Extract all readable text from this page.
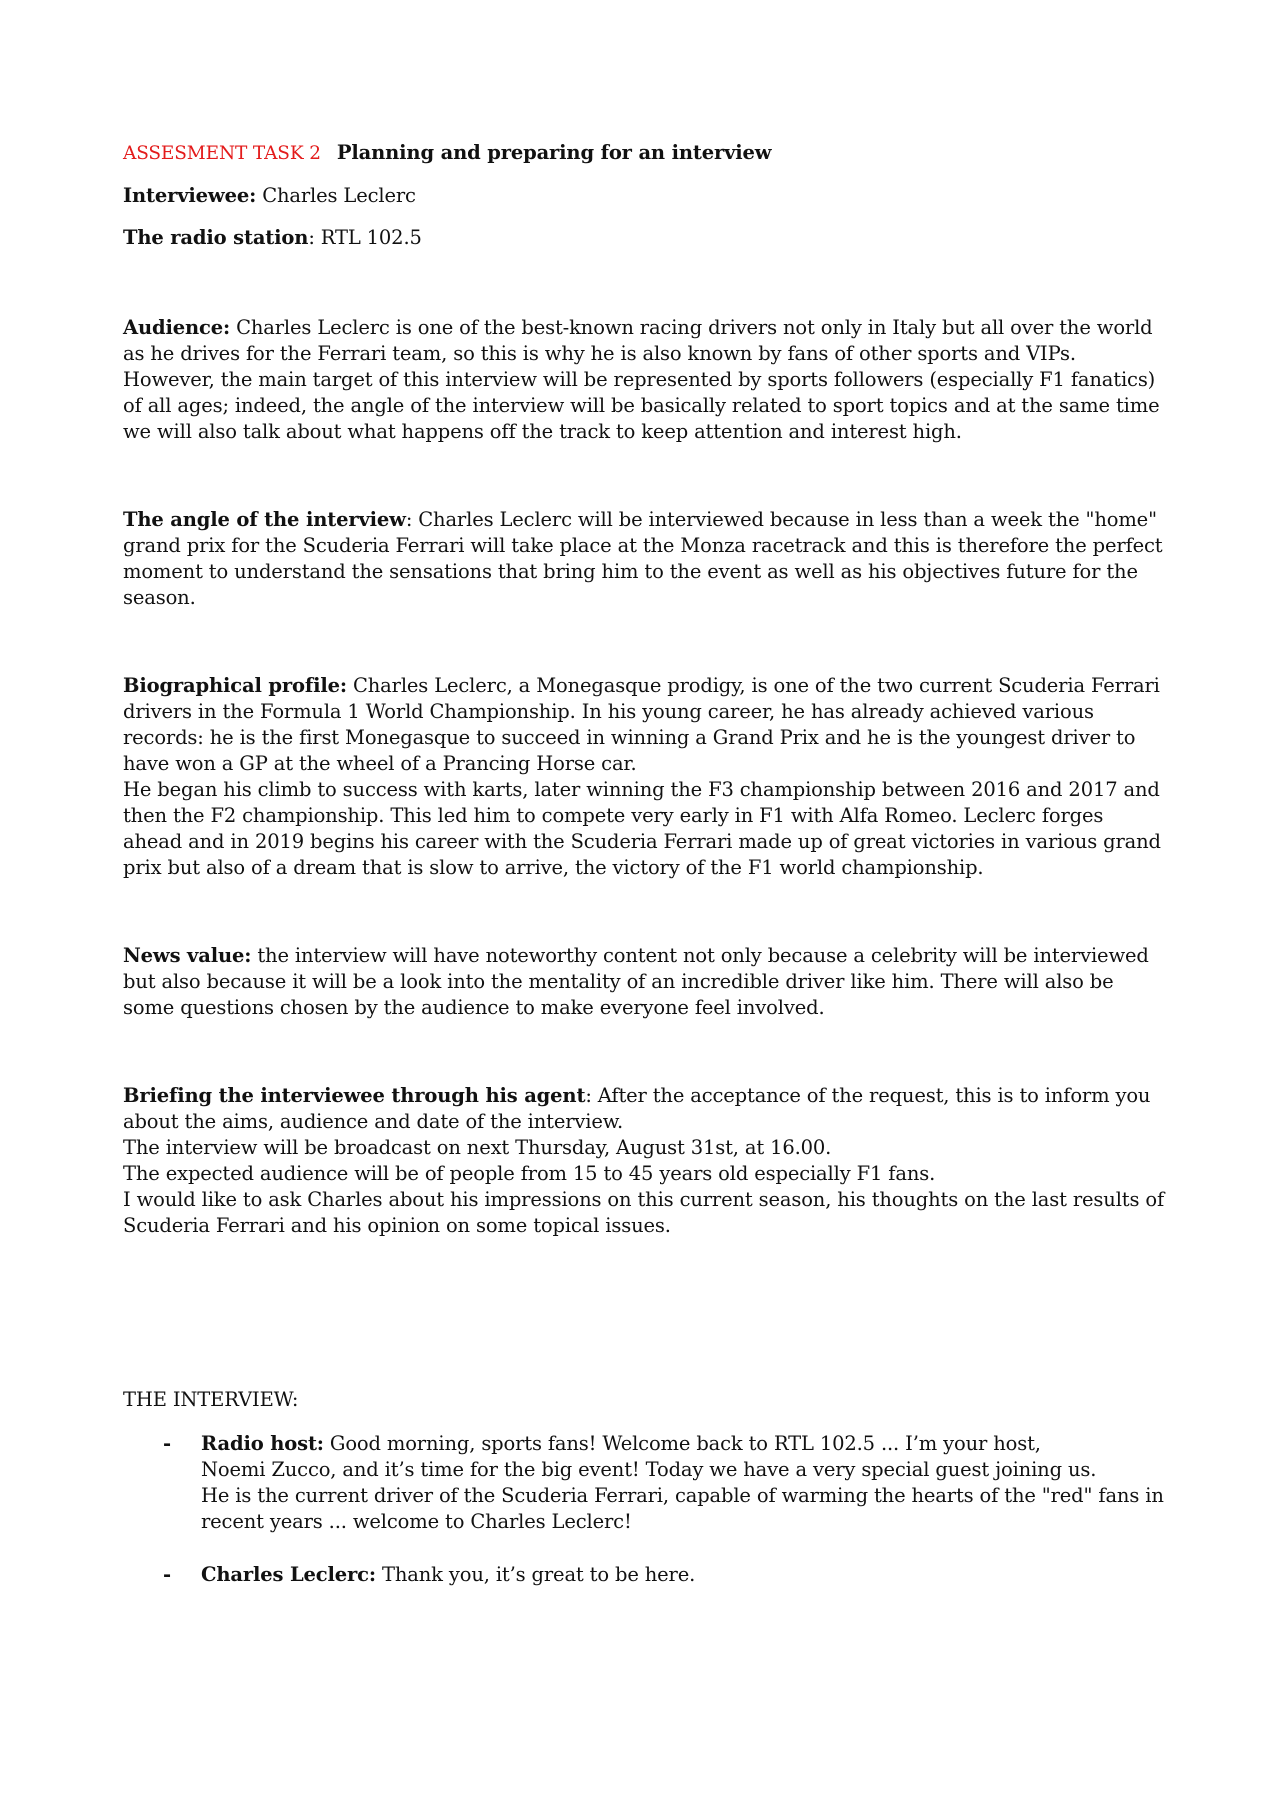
ASSESMENT TASK 2 Planning and preparing for an interview

Interviewee: Charles Leclerc

The radio station: RTL 102.5

Audience: Charles Leclerc is one of the best-known racing drivers not only in Italy but all over the world as he drives for the Ferrari team, so this is why he is also known by fans of other sports and VIPs.

However, the main target of this interview will be represented by sports followers (especially F1 fanatics) of all ages; indeed, the angle of the interview will be basically related to sport topics and at the same time we will also talk about what happens off the track to keep attention and interest high.

The angle of the interview: Charles Leclerc will be interviewed because in less than a week the "home" grand prix for the Scuderia Ferrari will take place at the Monza racetrack and this is therefore the perfect moment to understand the sensations that bring him to the event as well as his objectives future for the season.

Biographical profile: Charles Leclerc, a Monegasque prodigy, is one of the two current Scuderia Ferrari drivers in the Formula 1 World Championship. In his young career, he has already achieved various records: he is the first Monegasque to succeed in winning a Grand Prix and he is the youngest driver to have won a GP at the wheel of a Prancing Horse car.

He began his climb to success with karts, later winning the F3 championship between 2016 and 2017 and then the F2 championship. This led him to compete very early in F1 with Alfa Romeo. Leclerc forges ahead and in 2019 begins his career with the Scuderia Ferrari made up of great victories in various grand prix but also of a dream that is slow to arrive, the victory of the F1 world championship.

News value: the interview will have noteworthy content not only because a celebrity will be interviewed but also because it will be a look into the mentality of an incredible driver like him. There will also be some questions chosen by the audience to make everyone feel involved.

Briefing the interviewee through his agent: After the acceptance of the request, this is to inform you about the aims, audience and date of the interview.

The interview will be broadcast on next Thursday, August 31st, at 16.00.

The expected audience will be of people from 15 to 45 years old especially F1 fans.

I would like to ask Charles about his impressions on this current season, his thoughts on the last results of Scuderia Ferrari and his opinion on some topical issues.

THE INTERVIEW:

- Radio host: Good morning, sports fans! Welcome back to RTL 102.5 ... I’m your host,

Noemi Zucco, and it’s time for the big event! Today we have a very special guest joining us.

He is the current driver of the Scuderia Ferrari, capable of warming the hearts of the "red" fans in recent years ... welcome to Charles Leclerc!

- Charles Leclerc: Thank you, it’s great to be here.
